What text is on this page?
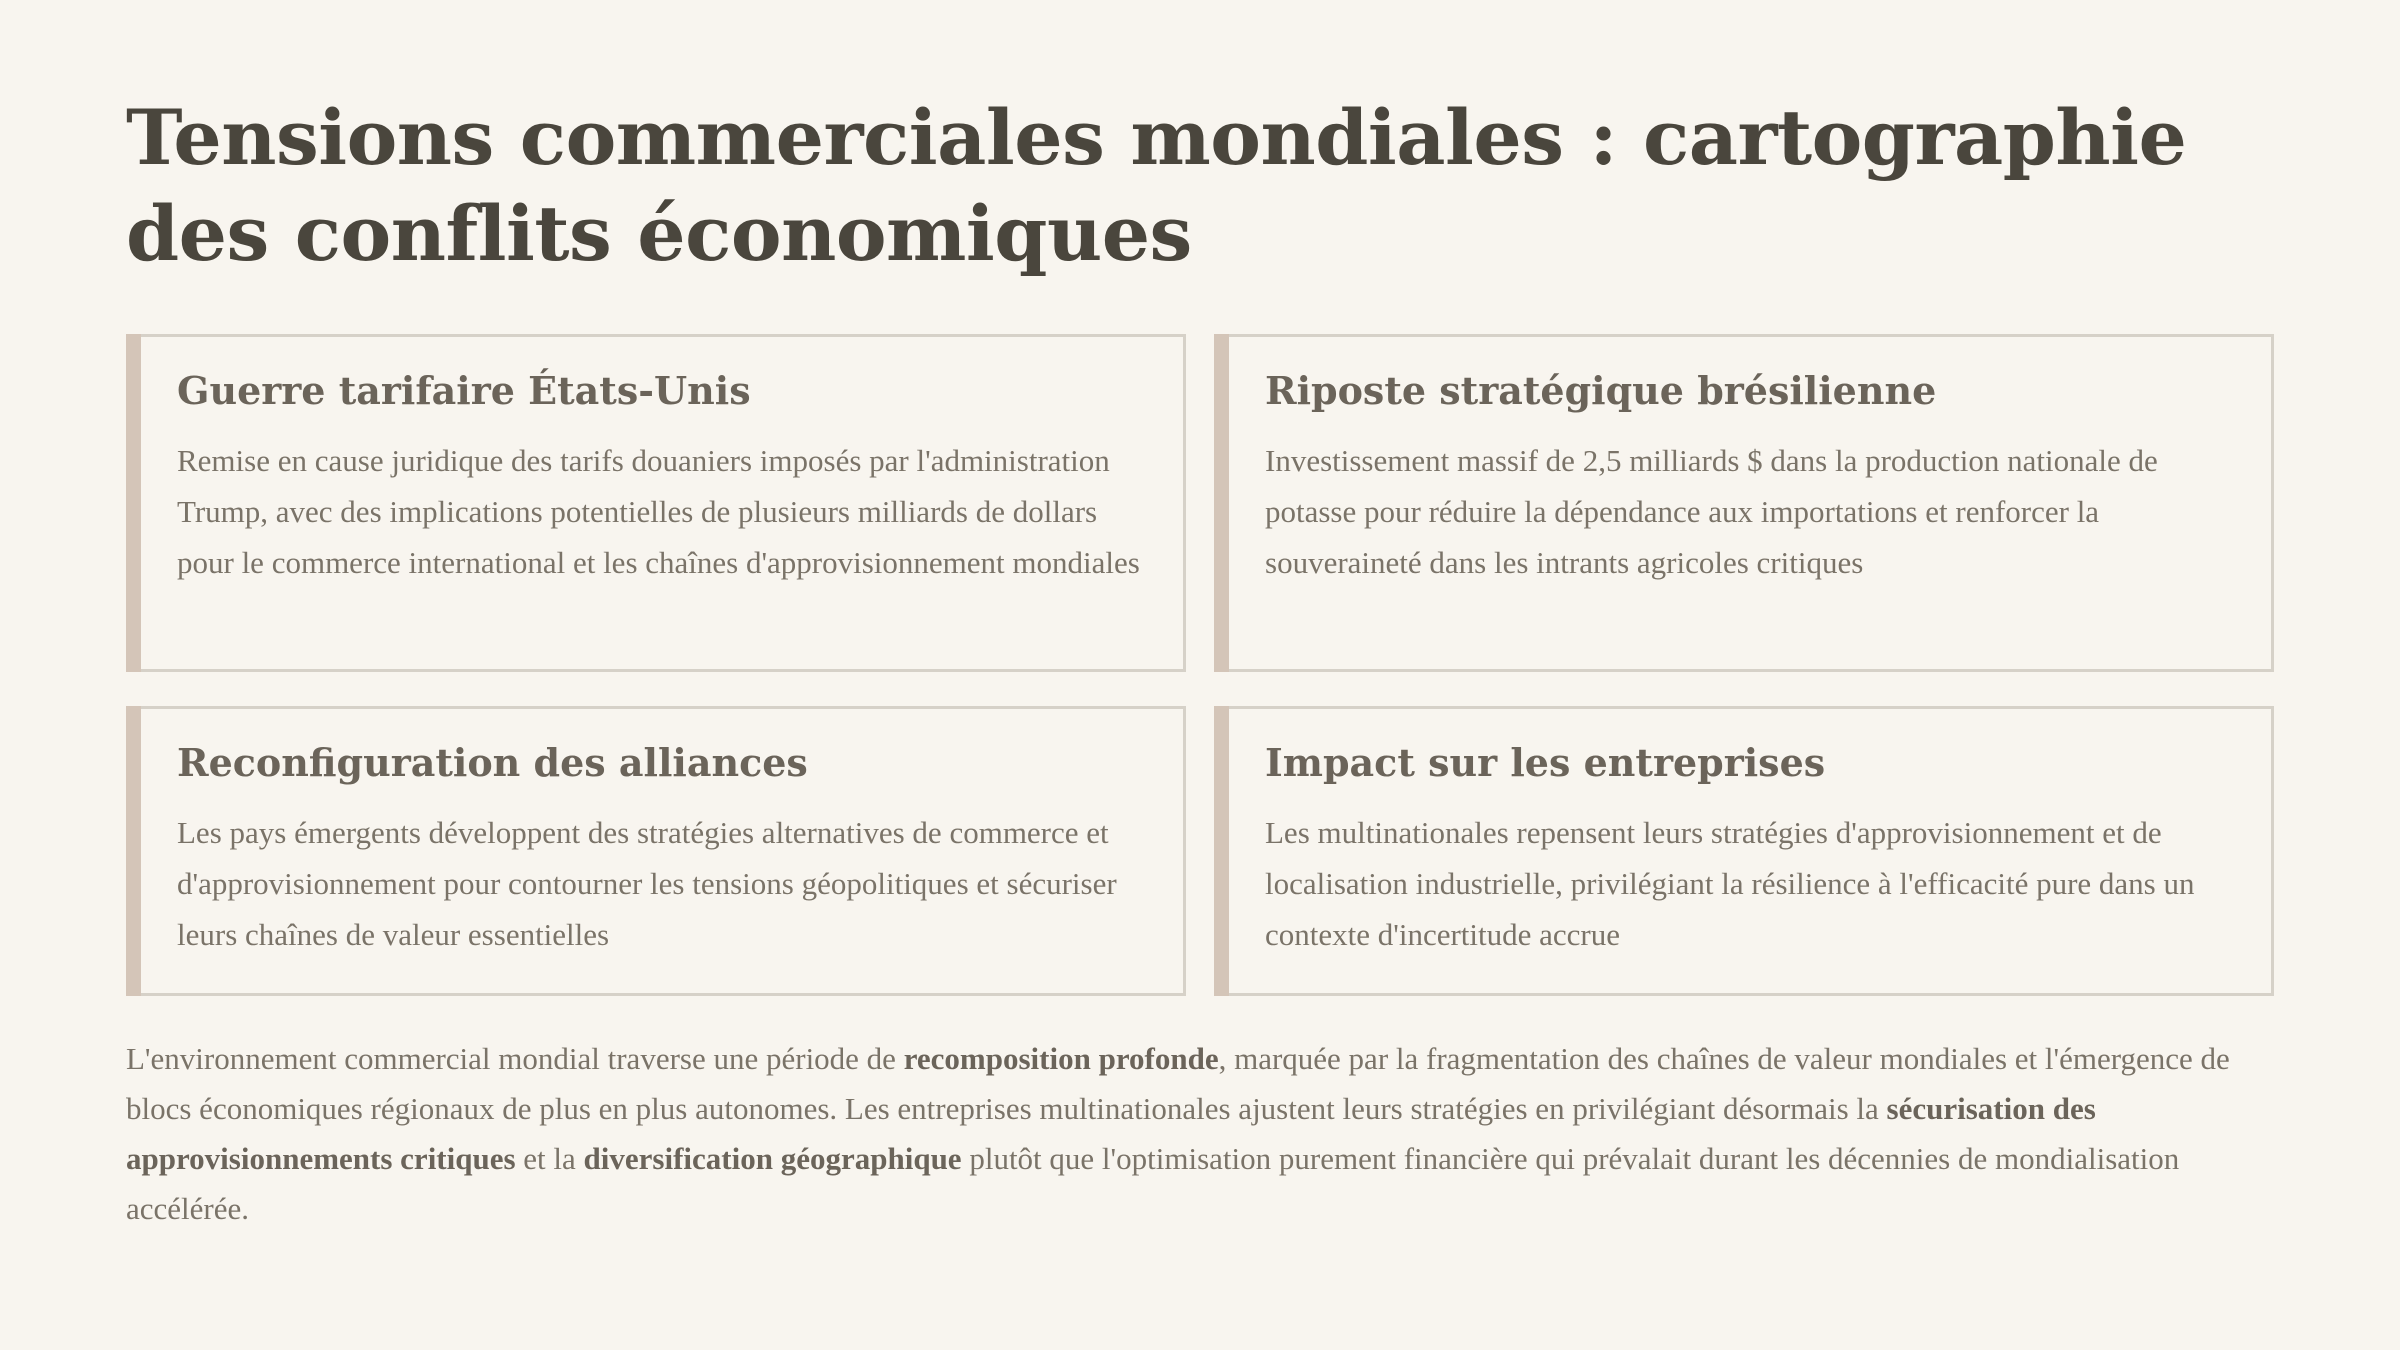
Tensions commerciales mondiales : cartographie des conflits économiques
Guerre tarifaire États-Unis

Remise en cause juridique des tarifs douaniers imposés par l'administration Trump, avec des implications potentielles de plusieurs milliards de dollars pour le commerce international et les chaînes d'approvisionnement mondiales

Riposte stratégique brésilienne

Investissement massif de 2,5 milliards $ dans la production nationale de potasse pour réduire la dépendance aux importations et renforcer la souveraineté dans les intrants agricoles critiques

Reconfiguration des alliances

Les pays émergents développent des stratégies alternatives de commerce et d'approvisionnement pour contourner les tensions géopolitiques et sécuriser leurs chaînes de valeur essentielles

Impact sur les entreprises

Les multinationales repensent leurs stratégies d'approvisionnement et de localisation industrielle, privilégiant la résilience à l'efficacité pure dans un contexte d'incertitude accrue

L'environnement commercial mondial traverse une période de recomposition profonde, marquée par la fragmentation des chaînes de valeur mondiales et l'émergence de blocs économiques régionaux de plus en plus autonomes. Les entreprises multinationales ajustent leurs stratégies en privilégiant désormais la sécurisation des approvisionnements critiques et la diversification géographique plutôt que l'optimisation purement financière qui prévalait durant les décennies de mondialisation accélérée.
